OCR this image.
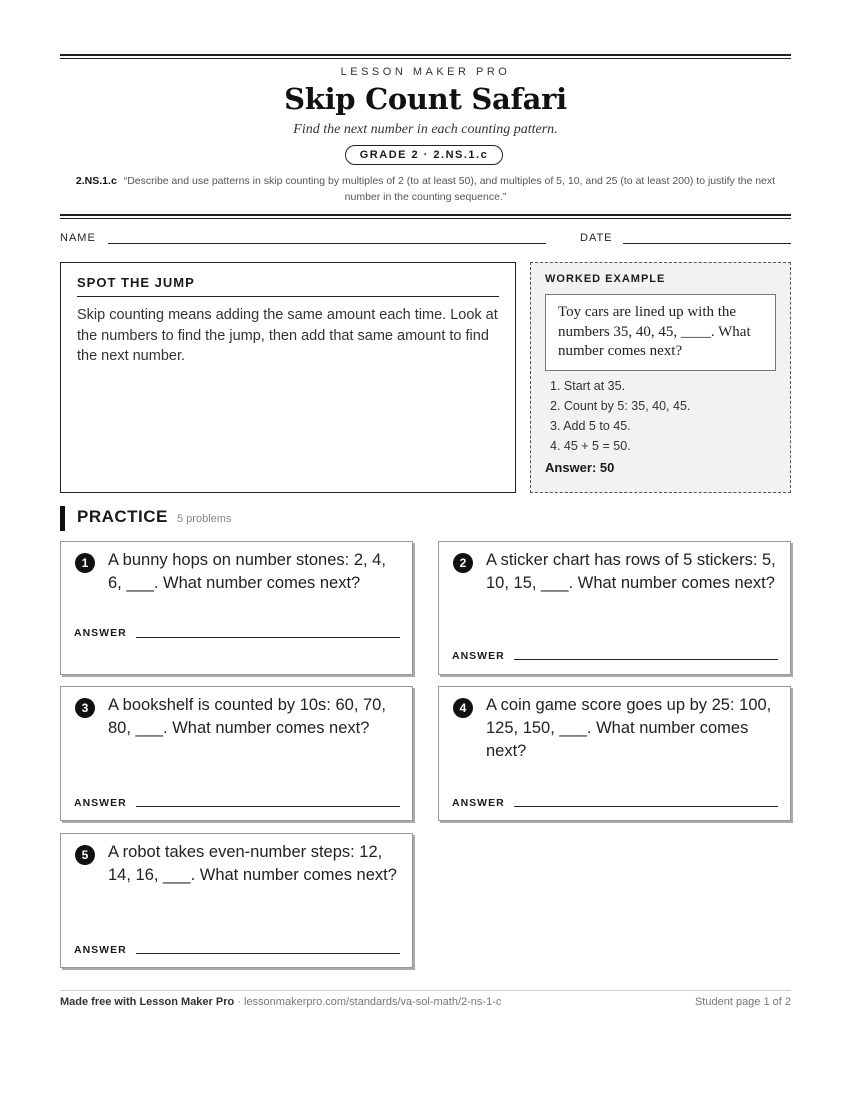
LESSON MAKER PRO
Skip Count Safari
Find the next number in each counting pattern.
GRADE 2 · 2.NS.1.c
2.NS.1.c “Describe and use patterns in skip counting by multiples of 2 (to at least 50), and multiples of 5, 10, and 25 (to at least 200) to justify the next number in the counting sequence.”
NAME	DATE
SPOT THE JUMP
Skip counting means adding the same amount each time. Look at the numbers to find the jump, then add that same amount to find the next number.
WORKED EXAMPLE
Toy cars are lined up with the numbers 35, 40, 45, ____. What number comes next?
1. Start at 35.
2. Count by 5: 35, 40, 45.
3. Add 5 to 45.
4. 45 + 5 = 50.
Answer: 50
PRACTICE 5 problems
1	A bunny hops on number stones: 2, 4, 6, ___. What number comes next?
ANSWER
2	A sticker chart has rows of 5 stickers: 5, 10, 15, ___. What number comes next?
ANSWER
3	A bookshelf is counted by 10s: 60, 70, 80, ___. What number comes next?
ANSWER
4	A coin game score goes up by 25: 100, 125, 150, ___. What number comes next?
ANSWER
5	A robot takes even-number steps: 12, 14, 16, ___. What number comes next?
ANSWER
Made free with Lesson Maker Pro · lessonmakerpro.com/standards/va-sol-math/2-ns-1-c	Student page 1 of 2
